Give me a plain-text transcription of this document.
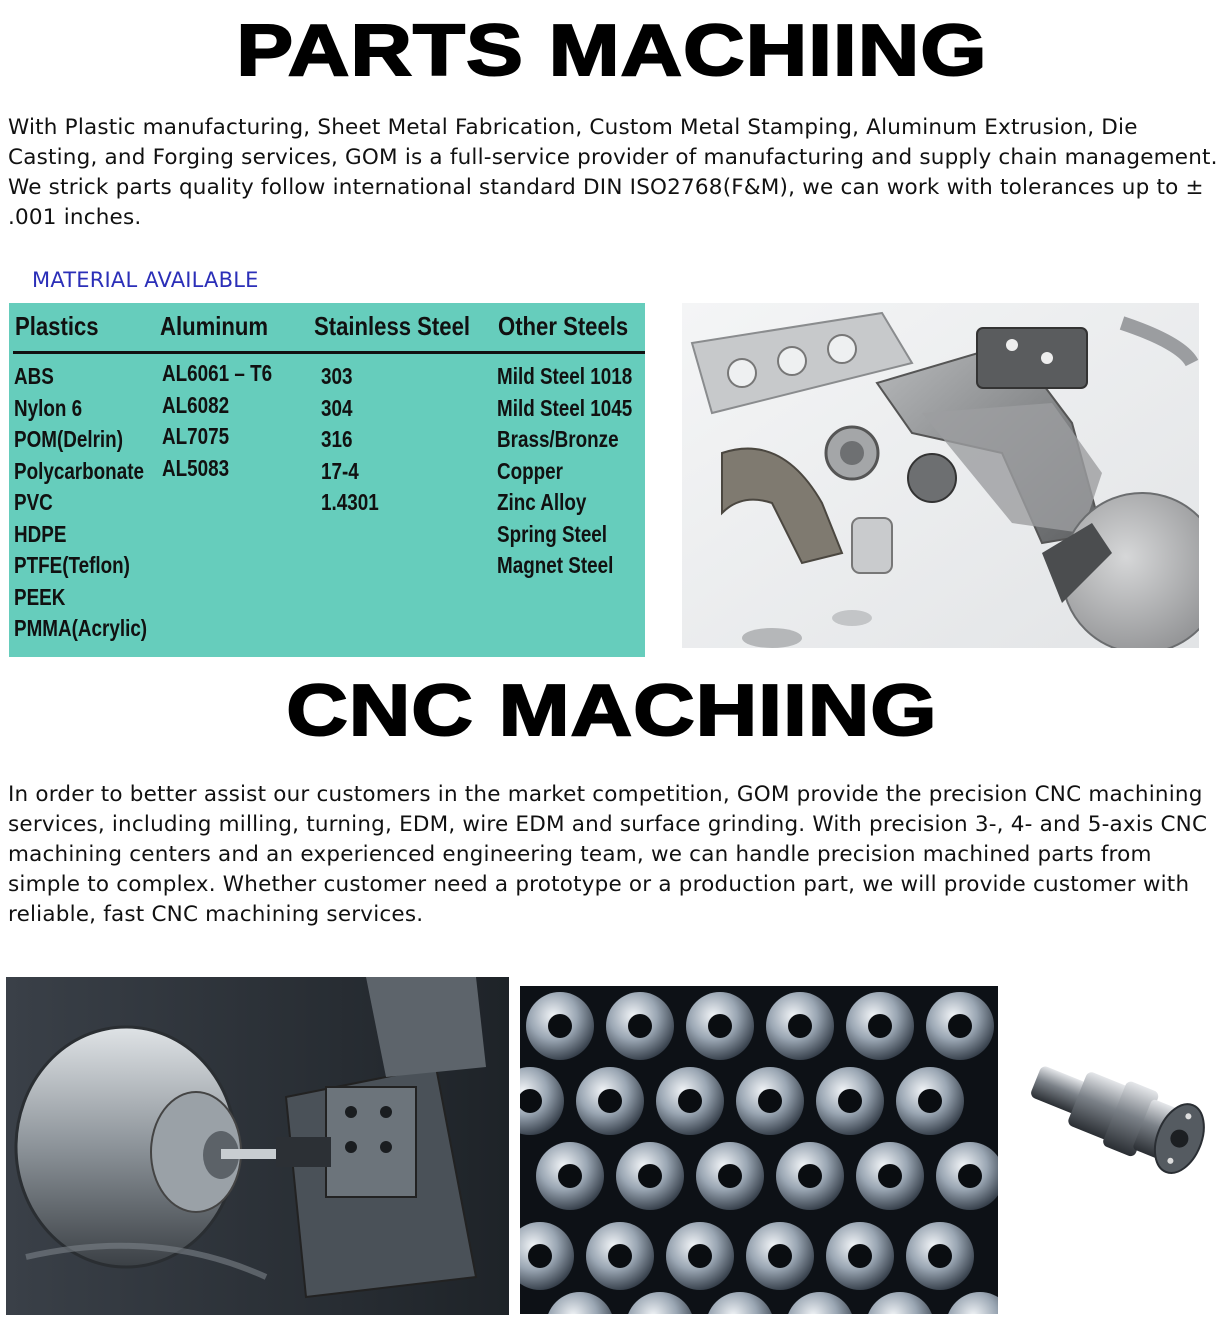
PARTS MACHIING

With Plastic manufacturing, Sheet Metal Fabrication, Custom Metal Stamping, Aluminum Extrusion, Die Casting, and Forging services, GOM is a full-service provider of manufacturing and supply chain management. We strick parts quality follow international standard DIN ISO2768(F&M), we can work with tolerances up to ± .001 inches.

MATERIAL AVAILABLE

Plastics Aluminum Stainless Steel Other Steels
ABS
Nylon 6
POM(Delrin)
Polycarbonate
PVC
HDPE
PTFE(Teflon)
PEEK
PMMA(Acrylic)
AL6061 – T6
AL6082
AL7075
AL5083
303
304
316
17-4
1.4301
Mild Steel 1018
Mild Steel 1045
Brass/Bronze
Copper
Zinc Alloy
Spring Steel
Magnet Steel
CNC MACHIING

In order to better assist our customers in the market competition, GOM provide the precision CNC machining services, including milling, turning, EDM, wire EDM and surface grinding. With precision 3-, 4- and 5-axis CNC machining centers and an experienced engineering team, we can handle precision machined parts from simple to complex. Whether customer need a prototype or a production part, we will provide customer with reliable, fast CNC machining services.
